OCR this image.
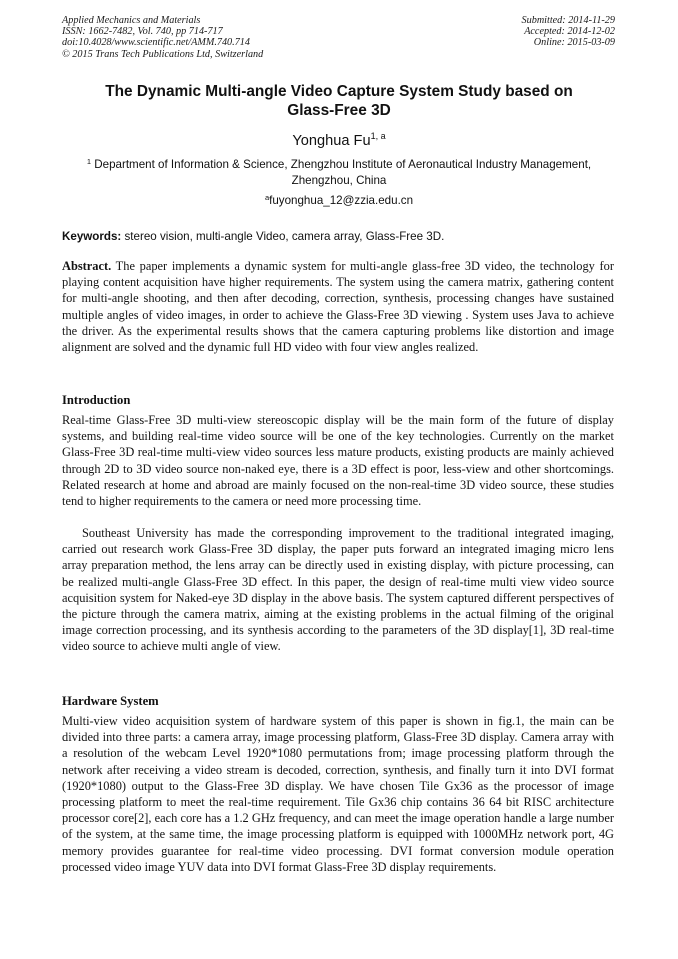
Applied Mechanics and Materials
ISSN: 1662-7482, Vol. 740, pp 714-717
doi:10.4028/www.scientific.net/AMM.740.714
© 2015 Trans Tech Publications Ltd, Switzerland
Submitted: 2014-11-29
Accepted: 2014-12-02
Online: 2015-03-09
The Dynamic Multi-angle Video Capture System Study based on
Glass-Free 3D
Yonghua Fu$^{1, a}$
$^1$ Department of Information & Science, Zhengzhou Institute of Aeronautical Industry Management,
Zhengzhou, China
$^a$fuyonghua_12@zzia.edu.cn
Keywords: stereo vision, multi-angle Video, camera array, Glass-Free 3D.
Abstract. The paper implements a dynamic system for multi-angle glass-free 3D video, the technology for playing content acquisition have higher requirements. The system using the camera matrix, gathering content for multi-angle shooting, and then after decoding, correction, synthesis, processing changes have sustained multiple angles of video images, in order to achieve the Glass-Free 3D viewing . System uses Java to achieve the driver. As the experimental results shows that the camera capturing problems like distortion and image alignment are solved and the dynamic full HD video with four view angles realized.
Introduction
Real-time Glass-Free 3D multi-view stereoscopic display will be the main form of the future of display systems, and building real-time video source will be one of the key technologies. Currently on the market Glass-Free 3D real-time multi-view video sources less mature products, existing products are mainly achieved through 2D to 3D video source non-naked eye, there is a 3D effect is poor, less-view and other shortcomings. Related research at home and abroad are mainly focused on the non-real-time 3D video source, these studies tend to higher requirements to the camera or need more processing time.
Southeast University has made the corresponding improvement to the traditional integrated imaging, carried out research work Glass-Free 3D display, the paper puts forward an integrated imaging micro lens array preparation method, the lens array can be directly used in existing display, with picture processing, can be realized multi-angle Glass-Free 3D effect. In this paper, the design of real-time multi view video source acquisition system for Naked-eye 3D display in the above basis. The system captured different perspectives of the picture through the camera matrix, aiming at the existing problems in the actual filming of the original image correction processing, and its synthesis according to the parameters of the 3D display[1], 3D real-time video source to achieve multi angle of view.
Hardware System
Multi-view video acquisition system of hardware system of this paper is shown in fig.1, the main can be divided into three parts: a camera array, image processing platform, Glass-Free 3D display. Camera array with a resolution of the webcam Level 1920*1080 permutations from; image processing platform through the network after receiving a video stream is decoded, correction, synthesis, and finally turn it into DVI format (1920*1080) output to the Glass-Free 3D display. We have chosen Tile Gx36 as the processor of image processing platform to meet the real-time requirement. Tile Gx36 chip contains 36 64 bit RISC architecture processor core[2], each core has a 1.2 GHz frequency, and can meet the image operation handle a large number of the system, at the same time, the image processing platform is equipped with 1000MHz network port, 4G memory provides guarantee for real-time video processing. DVI format conversion module operation processed video image YUV data into DVI format Glass-Free 3D display requirements.
